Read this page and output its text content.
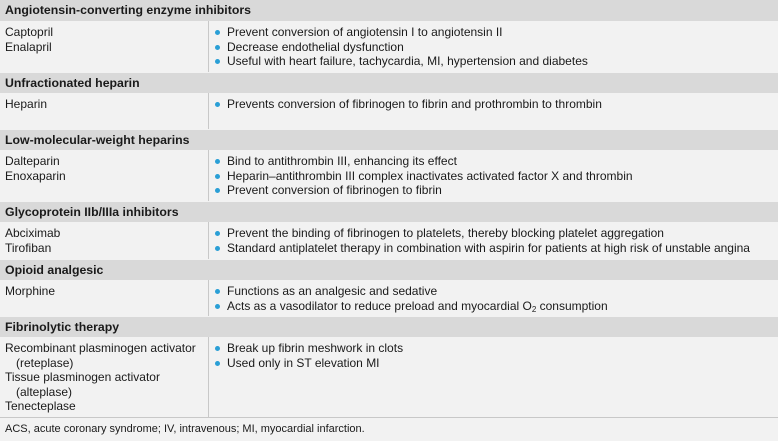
Angiotensin-converting enzyme inhibitors
Captopril
Enalapril
Prevent conversion of angiotensin I to angiotensin II
Decrease endothelial dysfunction
Useful with heart failure, tachycardia, MI, hypertension and diabetes
Unfractionated heparin
Heparin	Prevents conversion of fibrinogen to fibrin and prothrombin to thrombin
Low-molecular-weight heparins
Dalteparin
Enoxaparin
Bind to antithrombin III, enhancing its effect
Heparin–antithrombin III complex inactivates activated factor X and thrombin
Prevent conversion of fibrinogen to fibrin
Glycoprotein IIb/IIIa inhibitors
Abciximab
Tirofiban
Prevent the binding of fibrinogen to platelets, thereby blocking platelet aggregation
Standard antiplatelet therapy in combination with aspirin for patients at high risk of unstable angina
Opioid analgesic
Morphine	Functions as an analgesic and sedative
Acts as a vasodilator to reduce preload and myocardial $O_2$ consumption
Fibrinolytic therapy
Recombinant plasminogen activator
(reteplase)
Tissue plasminogen activator
(alteplase)
Tenecteplase
Break up fibrin meshwork in clots
Used only in ST elevation MI
ACS, acute coronary syndrome; IV, intravenous; MI, myocardial infarction.
